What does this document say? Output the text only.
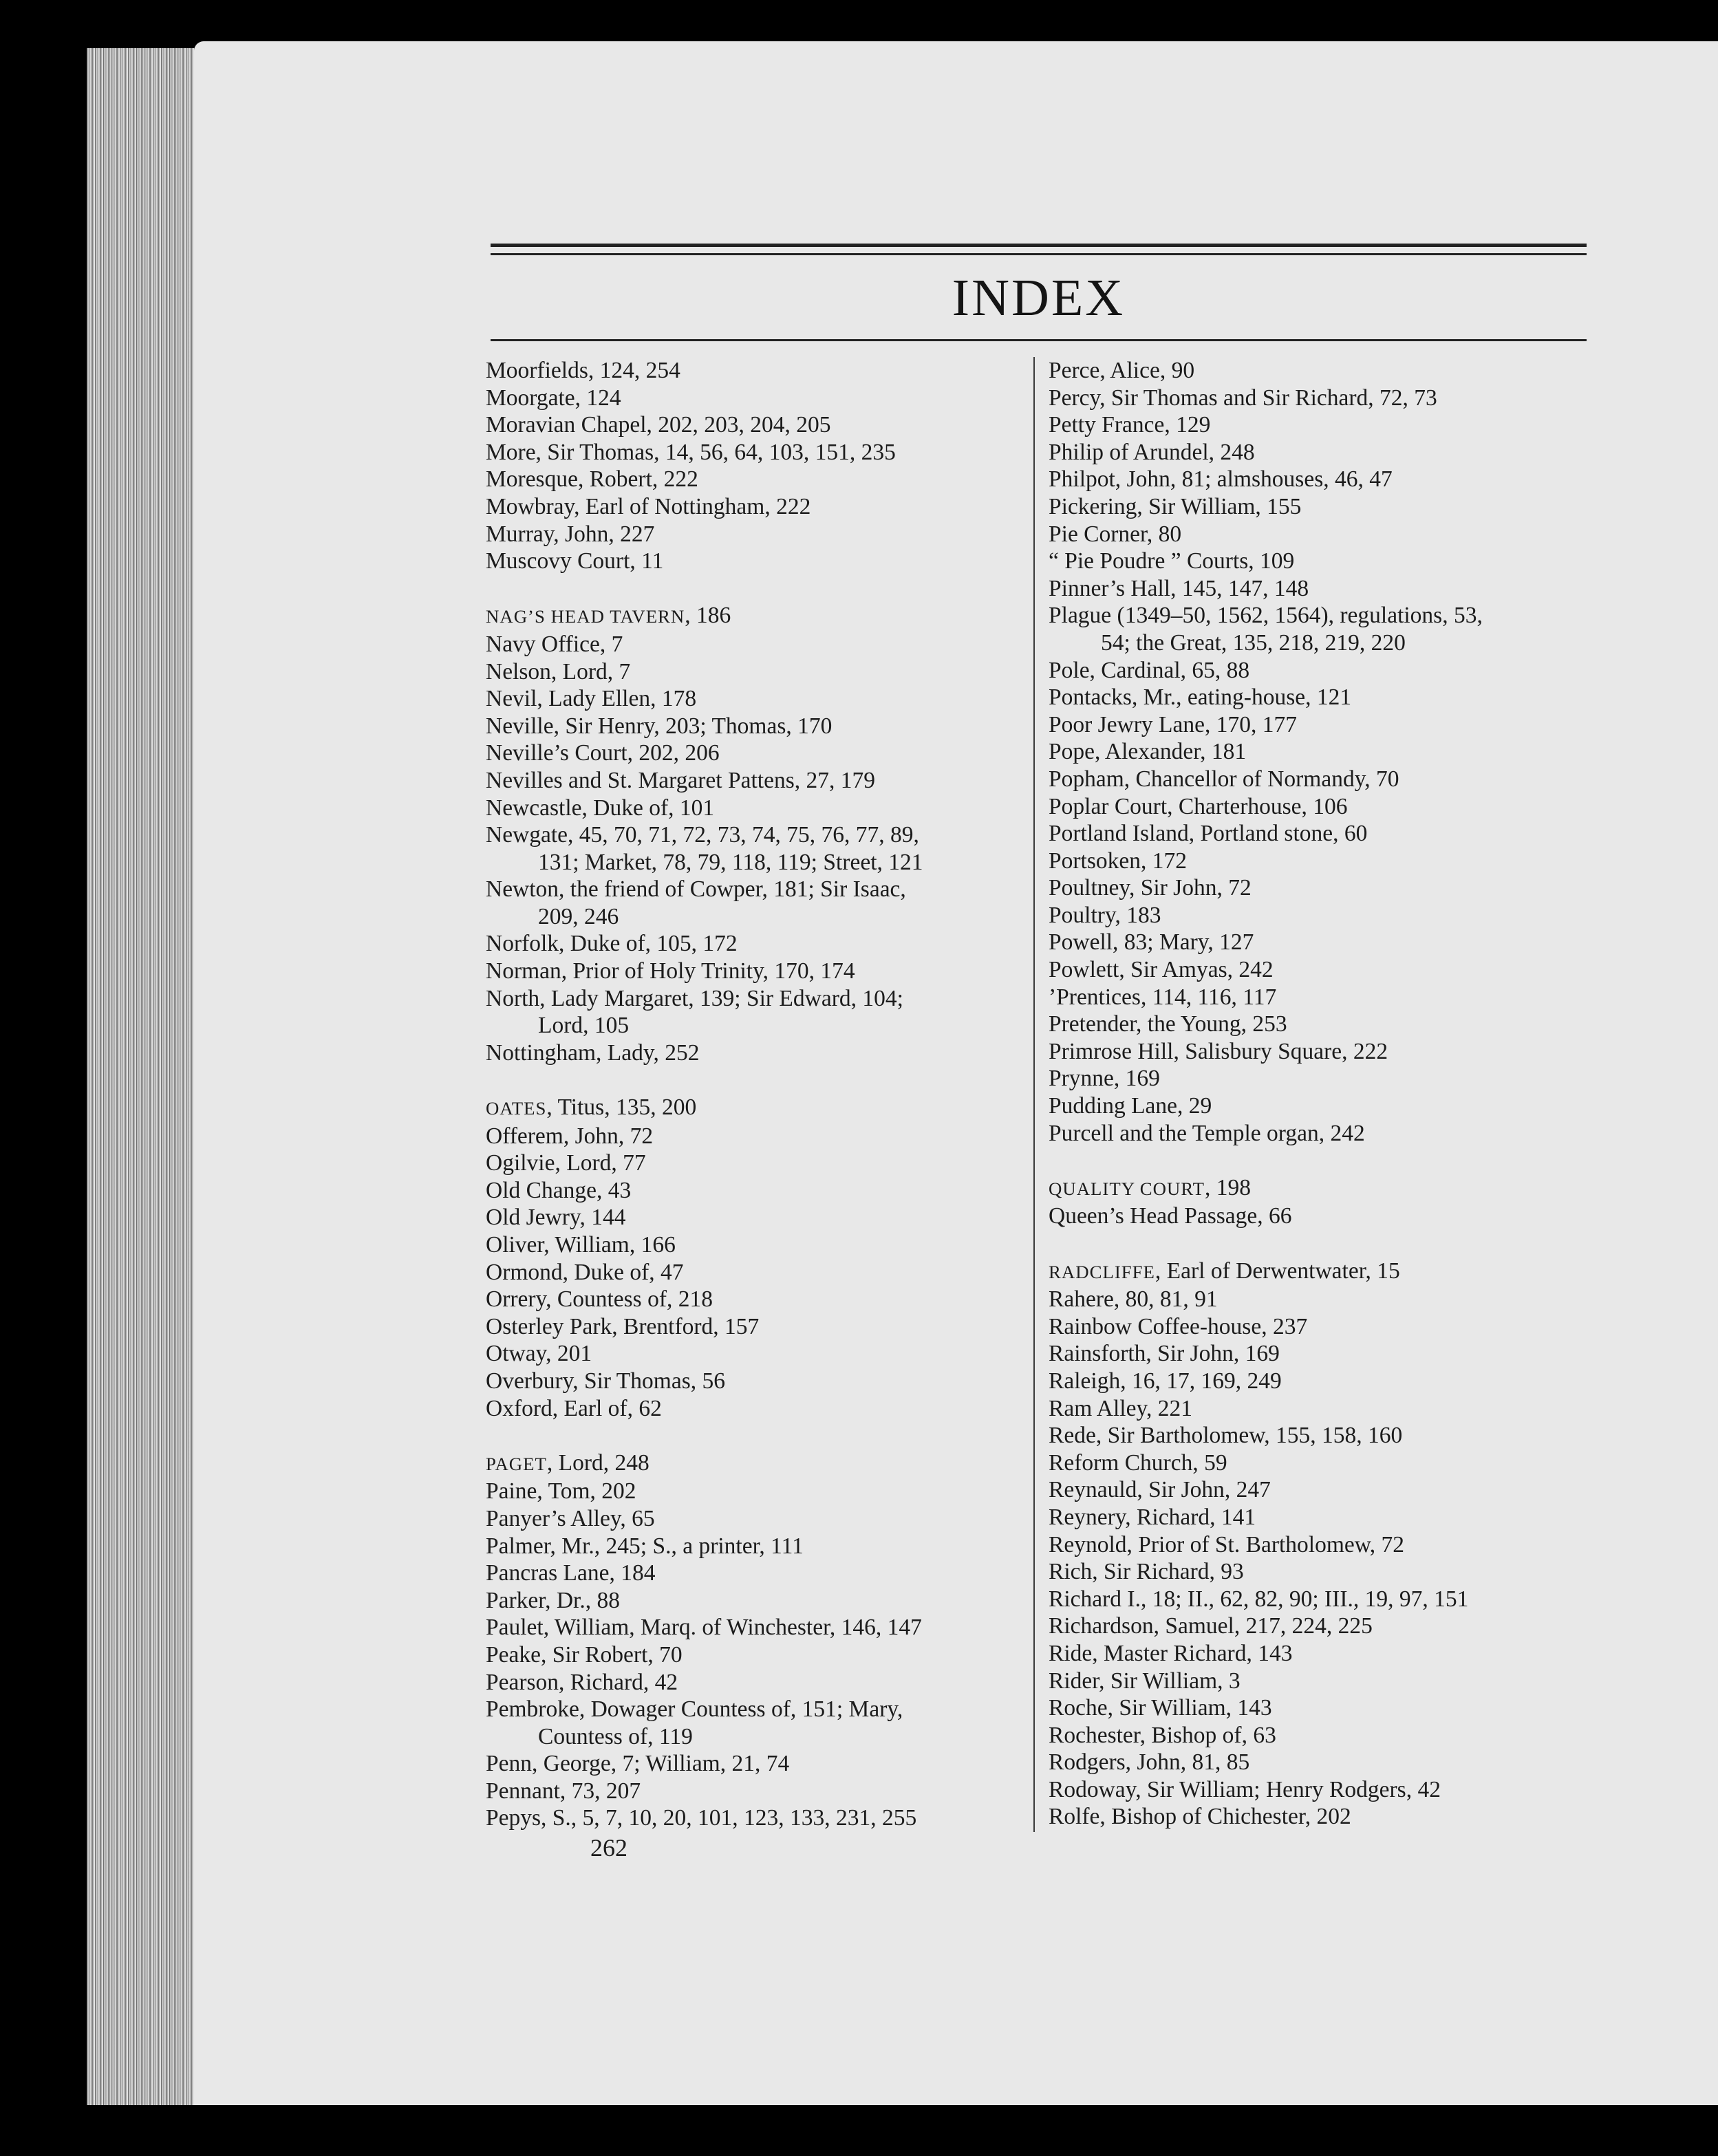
INDEX
Moorfields, 124, 254
Moorgate, 124
Moravian Chapel, 202, 203, 204, 205
More, Sir Thomas, 14, 56, 64, 103, 151, 235
Moresque, Robert, 222
Mowbray, Earl of Nottingham, 222
Murray, John, 227
Muscovy Court, 11
NAG’S HEAD TAVERN, 186
Navy Office, 7
Nelson, Lord, 7
Nevil, Lady Ellen, 178
Neville, Sir Henry, 203; Thomas, 170
Neville’s Court, 202, 206
Nevilles and St. Margaret Pattens, 27, 179
Newcastle, Duke of, 101
Newgate, 45, 70, 71, 72, 73, 74, 75, 76, 77, 89,
131; Market, 78, 79, 118, 119; Street, 121
Newton, the friend of Cowper, 181; Sir Isaac,
209, 246
Norfolk, Duke of, 105, 172
Norman, Prior of Holy Trinity, 170, 174
North, Lady Margaret, 139; Sir Edward, 104;
Lord, 105
Nottingham, Lady, 252
OATES, Titus, 135, 200
Offerem, John, 72
Ogilvie, Lord, 77
Old Change, 43
Old Jewry, 144
Oliver, William, 166
Ormond, Duke of, 47
Orrery, Countess of, 218
Osterley Park, Brentford, 157
Otway, 201
Overbury, Sir Thomas, 56
Oxford, Earl of, 62
PAGET, Lord, 248
Paine, Tom, 202
Panyer’s Alley, 65
Palmer, Mr., 245; S., a printer, 111
Pancras Lane, 184
Parker, Dr., 88
Paulet, William, Marq. of Winchester, 146, 147
Peake, Sir Robert, 70
Pearson, Richard, 42
Pembroke, Dowager Countess of, 151; Mary,
Countess of, 119
Penn, George, 7; William, 21, 74
Pennant, 73, 207
Pepys, S., 5, 7, 10, 20, 101, 123, 133, 231, 255
Perce, Alice, 90
Percy, Sir Thomas and Sir Richard, 72, 73
Petty France, 129
Philip of Arundel, 248
Philpot, John, 81; almshouses, 46, 47
Pickering, Sir William, 155
Pie Corner, 80
“ Pie Poudre ” Courts, 109
Pinner’s Hall, 145, 147, 148
Plague (1349–50, 1562, 1564), regulations, 53,
54; the Great, 135, 218, 219, 220
Pole, Cardinal, 65, 88
Pontacks, Mr., eating-house, 121
Poor Jewry Lane, 170, 177
Pope, Alexander, 181
Popham, Chancellor of Normandy, 70
Poplar Court, Charterhouse, 106
Portland Island, Portland stone, 60
Portsoken, 172
Poultney, Sir John, 72
Poultry, 183
Powell, 83; Mary, 127
Powlett, Sir Amyas, 242
’Prentices, 114, 116, 117
Pretender, the Young, 253
Primrose Hill, Salisbury Square, 222
Prynne, 169
Pudding Lane, 29
Purcell and the Temple organ, 242
QUALITY COURT, 198
Queen’s Head Passage, 66
RADCLIFFE, Earl of Derwentwater, 15
Rahere, 80, 81, 91
Rainbow Coffee-house, 237
Rainsforth, Sir John, 169
Raleigh, 16, 17, 169, 249
Ram Alley, 221
Rede, Sir Bartholomew, 155, 158, 160
Reform Church, 59
Reynauld, Sir John, 247
Reynery, Richard, 141
Reynold, Prior of St. Bartholomew, 72
Rich, Sir Richard, 93
Richard I., 18; II., 62, 82, 90; III., 19, 97, 151
Richardson, Samuel, 217, 224, 225
Ride, Master Richard, 143
Rider, Sir William, 3
Roche, Sir William, 143
Rochester, Bishop of, 63
Rodgers, John, 81, 85
Rodoway, Sir William; Henry Rodgers, 42
Rolfe, Bishop of Chichester, 202
262
